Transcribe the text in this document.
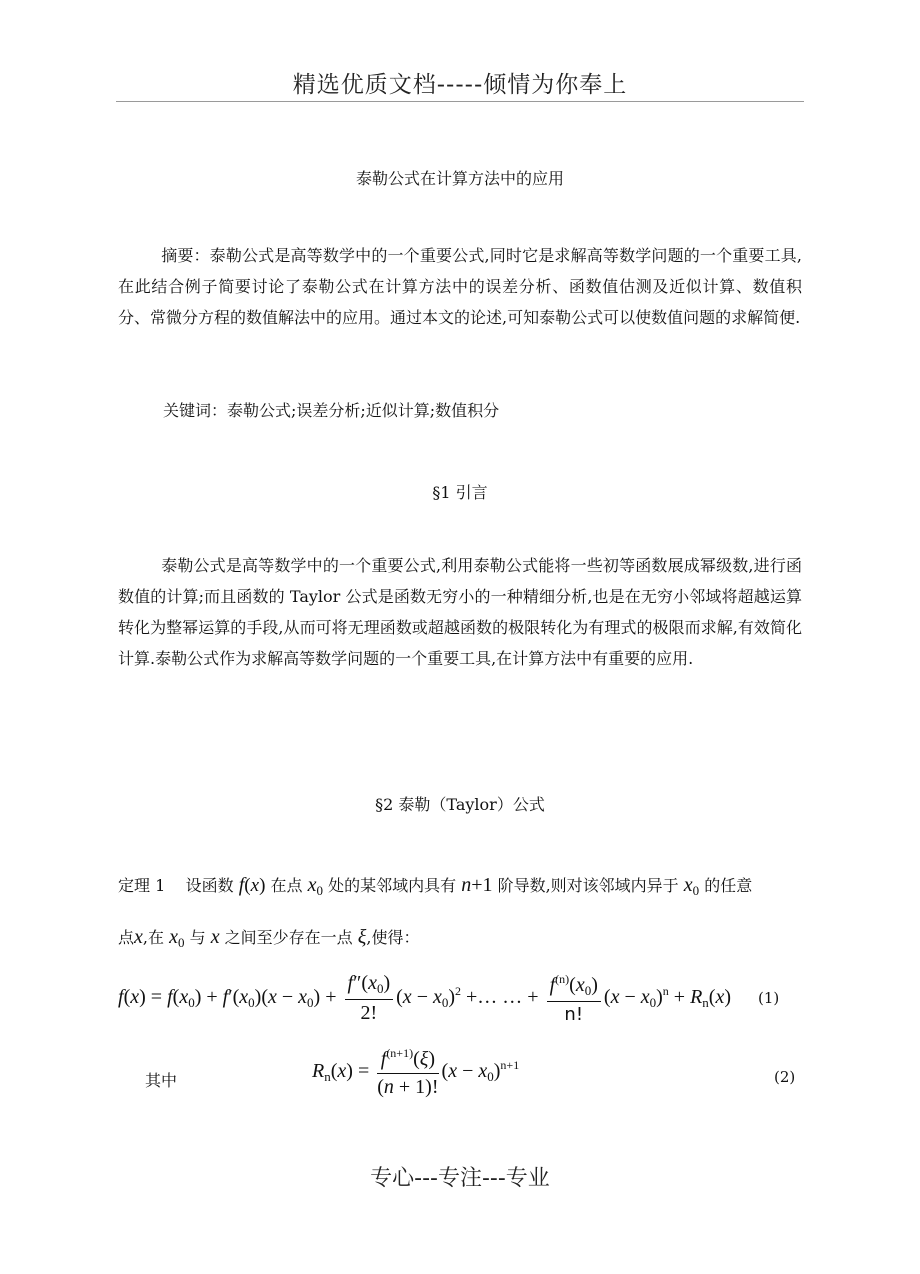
精选优质文档-----倾情为你奉上
泰勒公式在计算方法中的应用

摘要：泰勒公式是高等数学中的一个重要公式,同时它是求解高等数学问题的一个重要工具,在此结合例子简要讨论了泰勒公式在计算方法中的误差分析、函数值估测及近似计算、数值积分、常微分方程的数值解法中的应用。通过本文的论述,可知泰勒公式可以使数值问题的求解简便.

关键词：泰勒公式;误差分析;近似计算;数值积分
§1 引言

泰勒公式是高等数学中的一个重要公式,利用泰勒公式能将一些初等函数展成幂级数,进行函数值的计算;而且函数的 Taylor 公式是函数无穷小的一种精细分析,也是在无穷小邻域将超越运算转化为整幂运算的手段,从而可将无理函数或超越函数的极限转化为有理式的极限而求解,有效简化计算.泰勒公式作为求解高等数学问题的一个重要工具,在计算方法中有重要的应用.

§2 泰勒（Taylor）公式
定理 1 设函数 f(x) 在点 $x_0$ 处的某邻域内具有 n+1 阶导数,则对该邻域内异于 $x_0$ 的任意
点x,在 $x_0$ 与 x 之间至少存在一点 ξ,使得：
$f(x) = f(x_0) + f'(x_0)(x - x_0) + \frac{f''(x_0)}{2!} (x - x_0)^2$ +… … + $\frac{f^{(n)}(x_0)}{n!} (x - x_0)^n + R_n(x)$ (1)
其中	$R_n(x) = \frac{f^{(n+1)}(\xi)}{(n + 1)!} (x - x_0)^{n+1}$
(2)
专心---专注---专业
